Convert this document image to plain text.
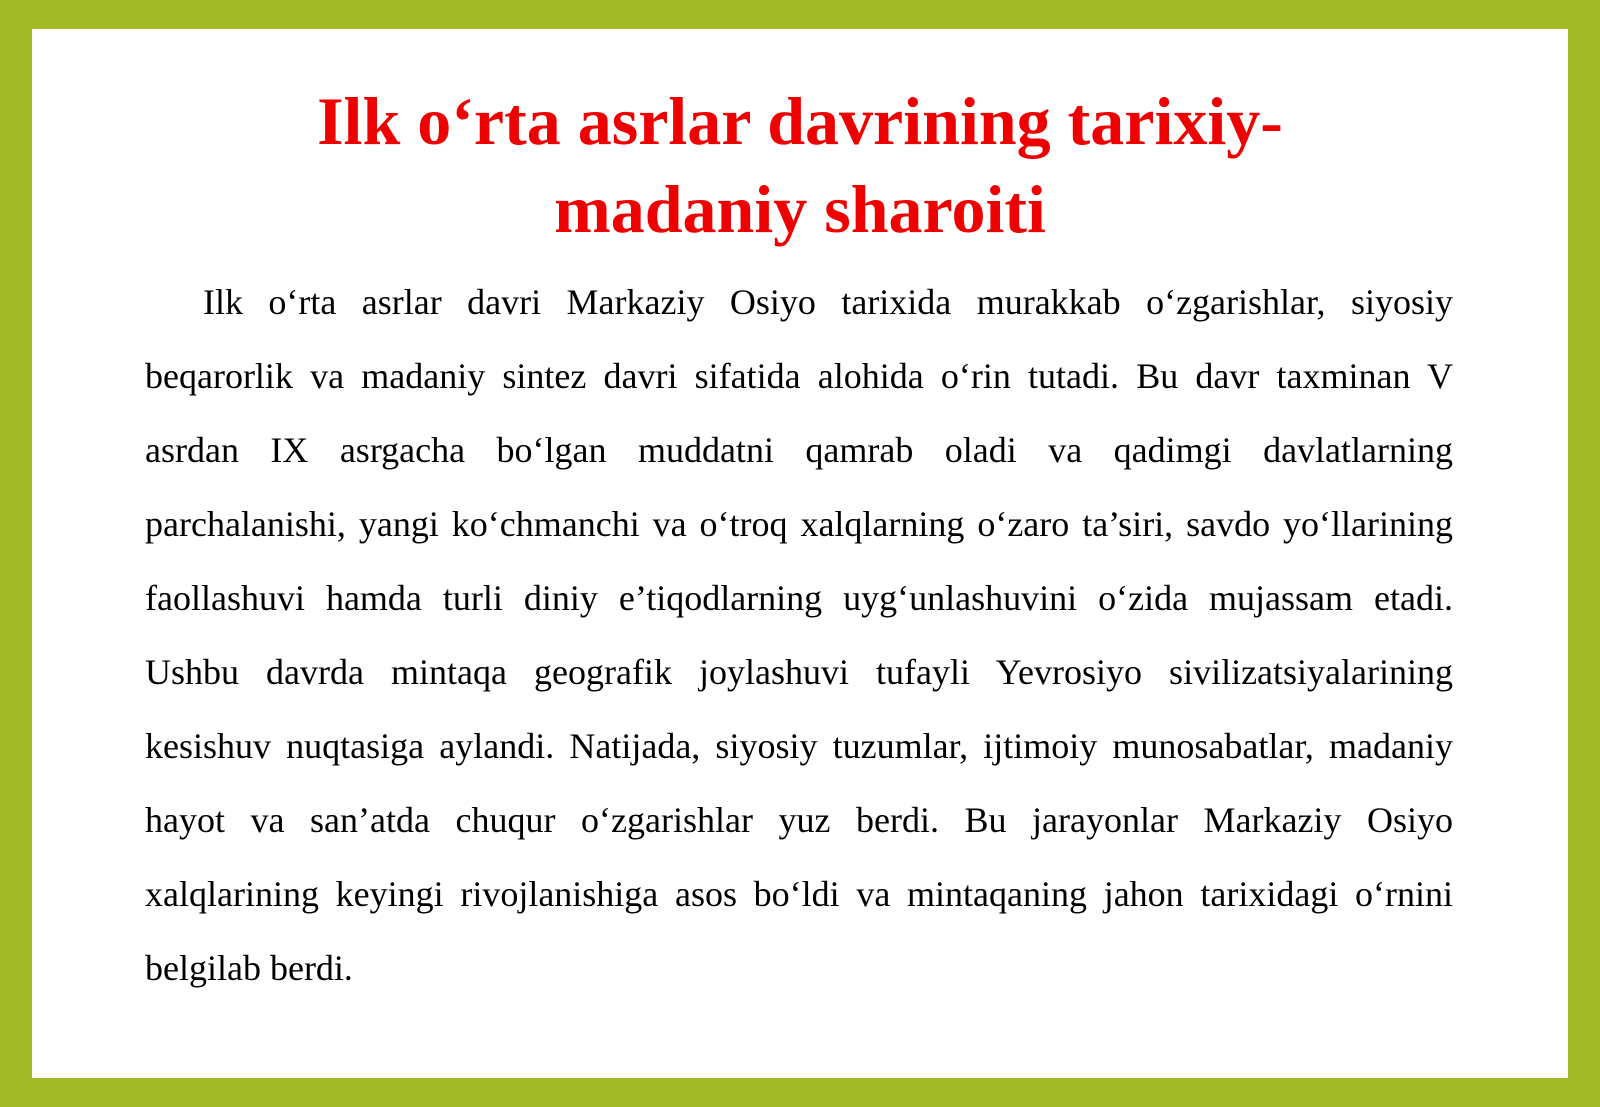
Ilk o‘rta asrlar davrining tarixiy-
madaniy sharoiti

Ilk o‘rta asrlar davri Markaziy Osiyo tarixida murakkab o‘zgarishlar, siyosiy beqarorlik va madaniy sintez davri sifatida alohida o‘rin tutadi. Bu davr taxminan V asrdan IX asrgacha bo‘lgan muddatni qamrab oladi va qadimgi davlatlarning parchalanishi, yangi ko‘chmanchi va o‘troq xalqlarning o‘zaro ta’siri, savdo yo‘llarining faollashuvi hamda turli diniy e’tiqodlarning uyg‘unlashuvini o‘zida mujassam etadi. Ushbu davrda mintaqa geografik joylashuvi tufayli Yevrosiyo sivilizatsiyalarining kesishuv nuqtasiga aylandi. Natijada, siyosiy tuzumlar, ijtimoiy munosabatlar, madaniy hayot va san’atda chuqur o‘zgarishlar yuz berdi. Bu jarayonlar Markaziy Osiyo xalqlarining keyingi rivojlanishiga asos bo‘ldi va mintaqaning jahon tarixidagi o‘rnini belgilab berdi.
